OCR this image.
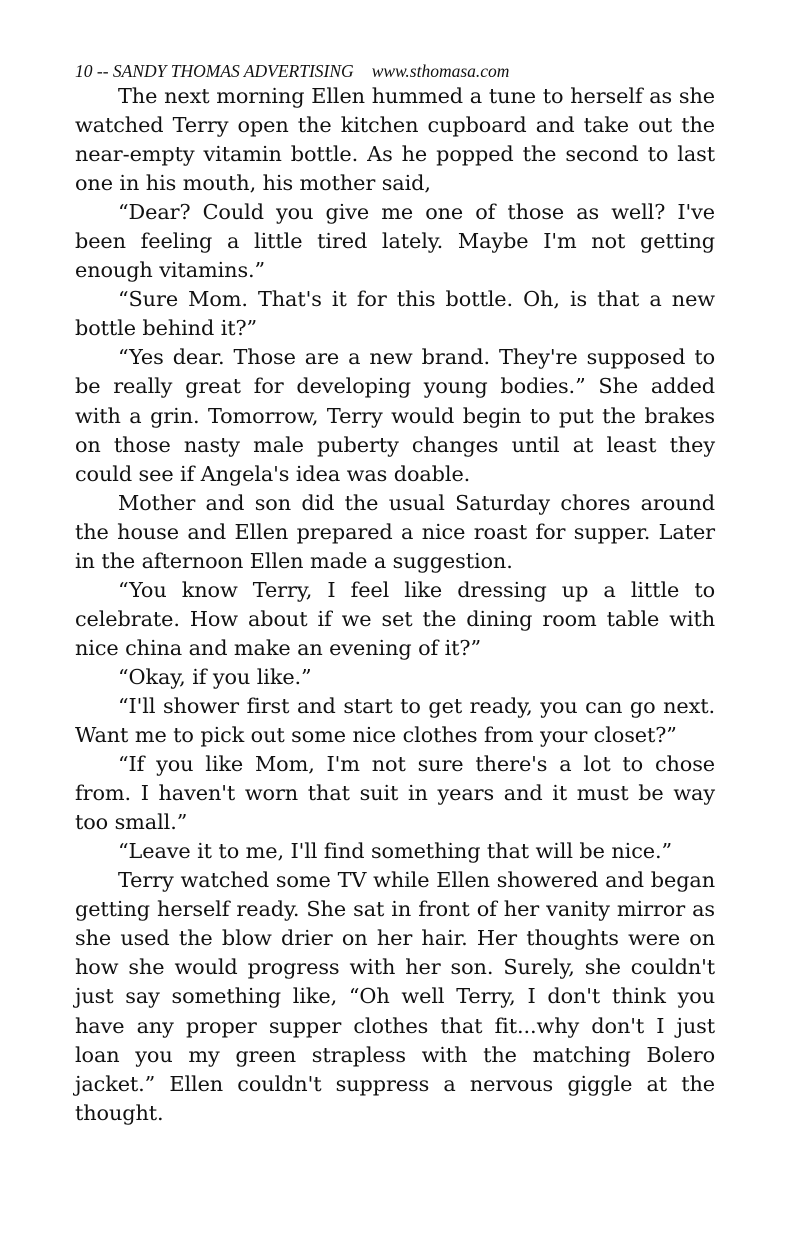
10 -- SANDY THOMAS ADVERTISING www.sthomasa.com

The next morning Ellen hummed a tune to herself as she watched Terry open the kitchen cupboard and take out the near-empty vitamin bottle. As he popped the second to last one in his mouth, his mother said,

“Dear? Could you give me one of those as well? I've been feeling a little tired lately. Maybe I'm not getting enough vitamins.”

“Sure Mom. That's it for this bottle. Oh, is that a new bottle behind it?”

“Yes dear. Those are a new brand. They're supposed to be really great for developing young bodies.” She added with a grin. Tomorrow, Terry would begin to put the brakes on those nasty male puberty changes until at least they could see if Angela's idea was doable.

Mother and son did the usual Saturday chores around the house and Ellen prepared a nice roast for supper. Later in the afternoon Ellen made a suggestion.

“You know Terry, I feel like dressing up a little to celebrate. How about if we set the dining room table with nice china and make an evening of it?”

“Okay, if you like.”

“I'll shower first and start to get ready, you can go next. Want me to pick out some nice clothes from your closet?”

“If you like Mom, I'm not sure there's a lot to chose from. I haven't worn that suit in years and it must be way too small.”

“Leave it to me, I'll find something that will be nice.”

Terry watched some TV while Ellen showered and began getting herself ready. She sat in front of her vanity mirror as she used the blow drier on her hair. Her thoughts were on how she would progress with her son. Surely, she couldn't just say something like, “Oh well Terry, I don't think you have any proper supper clothes that fit...why don't I just loan you my green strapless with the matching Bolero jacket.” Ellen couldn't suppress a nervous giggle at the thought.
